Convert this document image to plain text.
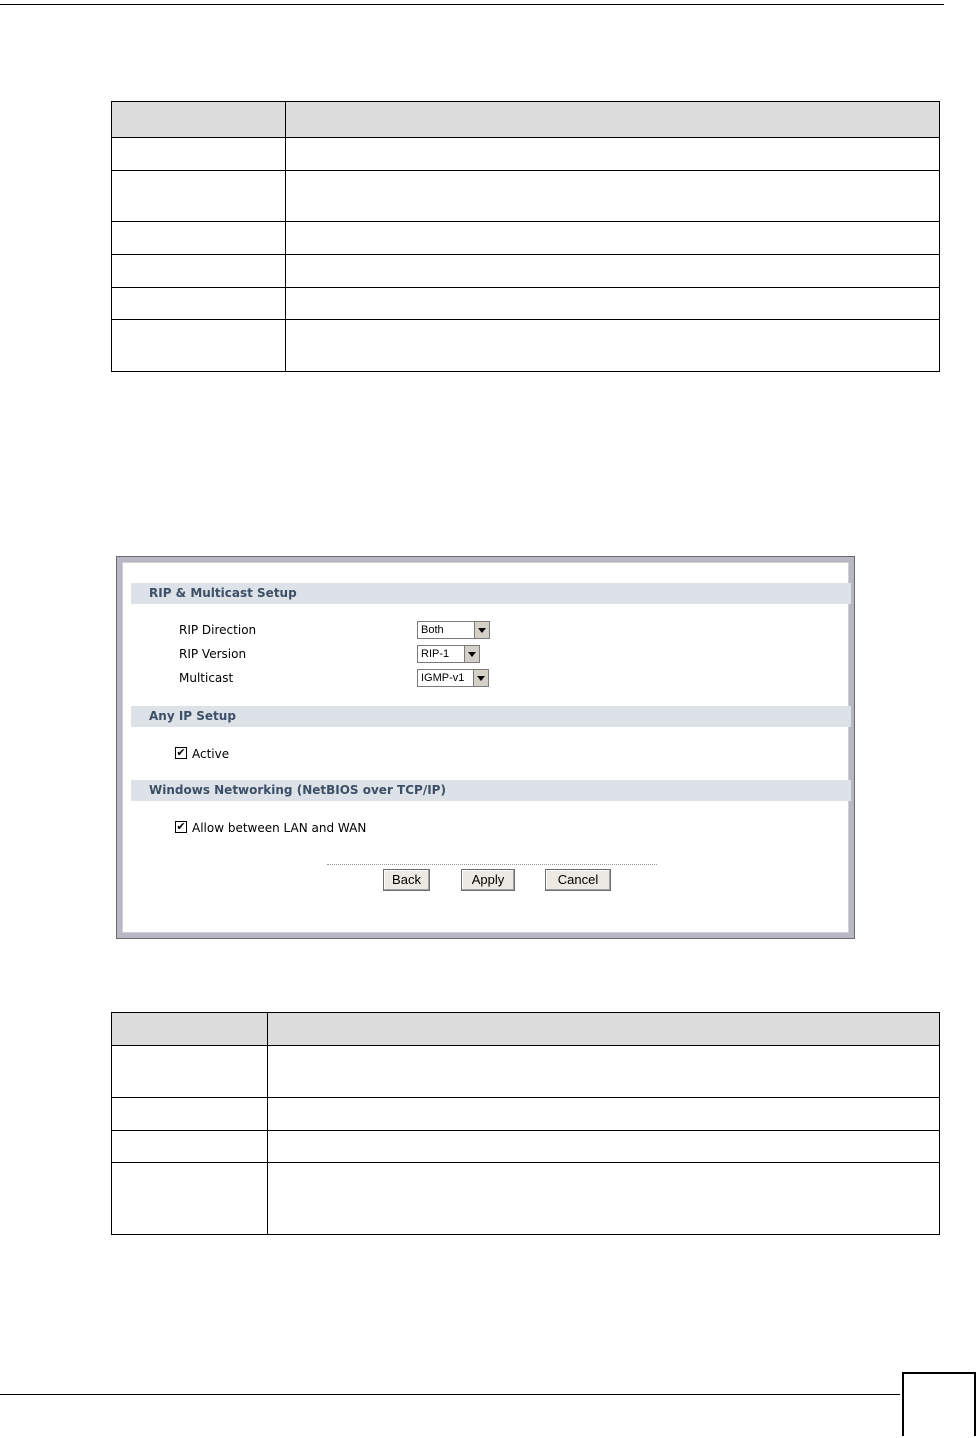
RIP & Multicast Setup
RIP Direction	Both
RIP Version	RIP-1
Multicast	IGMP-v1
Any IP Setup
✔ Active
Windows Networking (NetBIOS over TCP/IP)
✔ Allow between LAN and WAN
Back	Apply	Cancel
